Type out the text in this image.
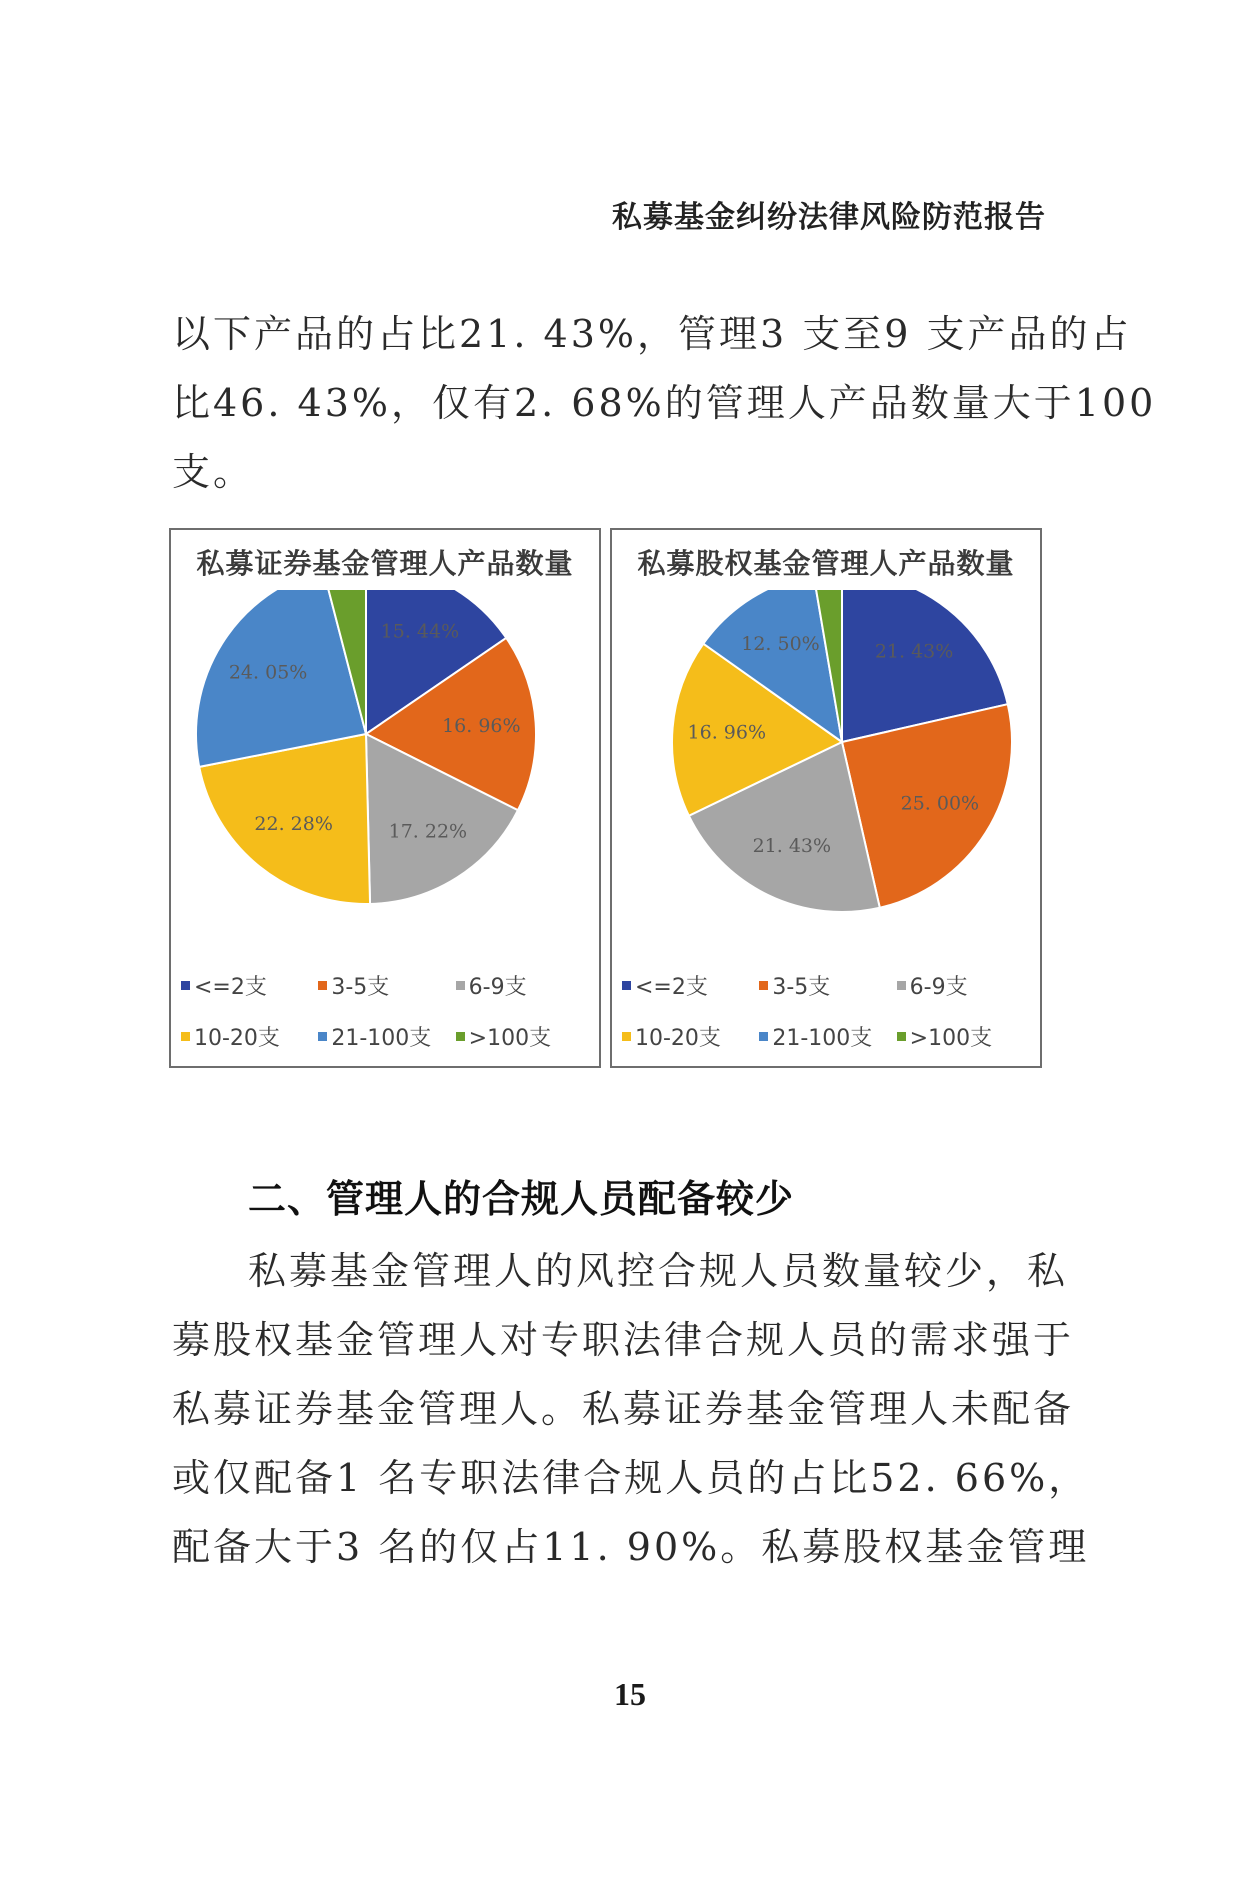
私募基金纠纷法律风险防范报告
以下产品的占比21. 43%，管理3 支至9 支产品的占
比46. 43%，仅有2. 68%的管理人产品数量大于100
支。
私募证券基金管理人产品数量
15. 44%
16. 96%
17. 22%
22. 28%
24. 05%
<=2支	3-5支	6-9支
10-20支 21-100支 >100支
私募股权基金管理人产品数量
21. 43%
25. 00%
21. 43%
16. 96%
12. 50%
<=2支	3-5支	6-9支
10-20支 21-100支 >100支
二、管理人的合规人员配备较少
私募基金管理人的风控合规人员数量较少，私
募股权基金管理人对专职法律合规人员的需求强于
私募证券基金管理人。私募证券基金管理人未配备
或仅配备1 名专职法律合规人员的占比52. 66%，
配备大于3 名的仅占11. 90%。私募股权基金管理
15
